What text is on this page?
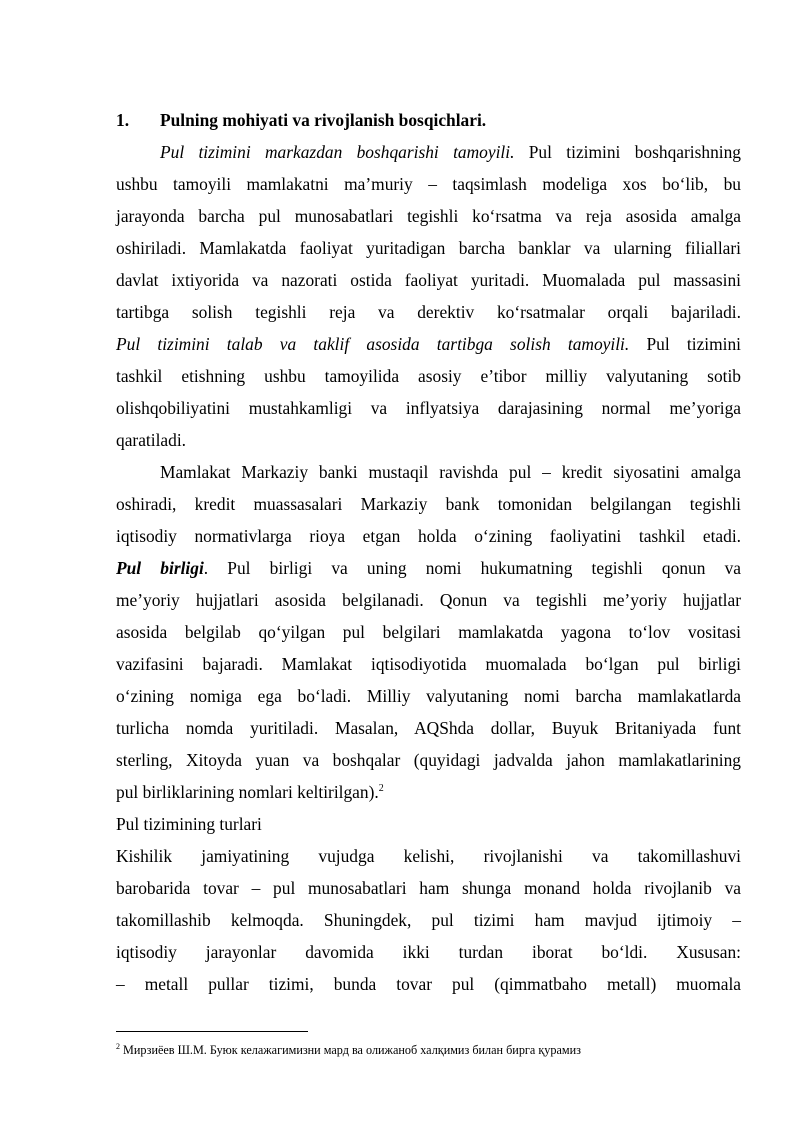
1. Pulning mohiyati va rivojlanish bosqichlari.
Pul tizimini markazdan boshqarishi tamoyili. Pul tizimini boshqarishning
ushbu tamoyili mamlakatni ma’muriy – taqsimlash modeliga xos bo‘lib, bu
jarayonda barcha pul munosabatlari tegishli ko‘rsatma va reja asosida amalga
oshiriladi. Mamlakatda faoliyat yuritadigan barcha banklar va ularning filiallari
davlat ixtiyorida va nazorati ostida faoliyat yuritadi. Muomalada pul massasini
tartibga solish tegishli reja va derektiv ko‘rsatmalar orqali bajariladi.
Pul tizimini talab va taklif asosida tartibga solish tamoyili. Pul tizimini
tashkil etishning ushbu tamoyilida asosiy e’tibor milliy valyutaning sotib
olishqobiliyatini mustahkamligi va inflyatsiya darajasining normal me’yoriga
qaratiladi.
Mamlakat Markaziy banki mustaqil ravishda pul – kredit siyosatini amalga
oshiradi, kredit muassasalari Markaziy bank tomonidan belgilangan tegishli
iqtisodiy normativlarga rioya etgan holda o‘zining faoliyatini tashkil etadi.
Pul birligi. Pul birligi va uning nomi hukumatning tegishli qonun va
me’yoriy hujjatlari asosida belgilanadi. Qonun va tegishli me’yoriy hujjatlar
asosida belgilab qo‘yilgan pul belgilari mamlakatda yagona to‘lov vositasi
vazifasini bajaradi. Mamlakat iqtisodiyotida muomalada bo‘lgan pul birligi
o‘zining nomiga ega bo‘ladi. Milliy valyutaning nomi barcha mamlakatlarda
turlicha nomda yuritiladi. Masalan, AQShda dollar, Buyuk Britaniyada funt
sterling, Xitoyda yuan va boshqalar (quyidagi jadvalda jahon mamlakatlarining
pul birliklarining nomlari keltirilgan).$^2$
Pul tizimining turlari
Kishilik jamiyatining vujudga kelishi, rivojlanishi va takomillashuvi
barobarida tovar – pul munosabatlari ham shunga monand holda rivojlanib va
takomillashib kelmoqda. Shuningdek, pul tizimi ham mavjud ijtimoiy –
iqtisodiy jarayonlar davomida ikki turdan iborat bo‘ldi. Xususan:
– metall pullar tizimi, bunda tovar pul (qimmatbaho metall) muomala
$^2$ Мирзиёев Ш.М. Буюк келажагимизни мард ва олижаноб халқимиз билан бирга қурамиз
